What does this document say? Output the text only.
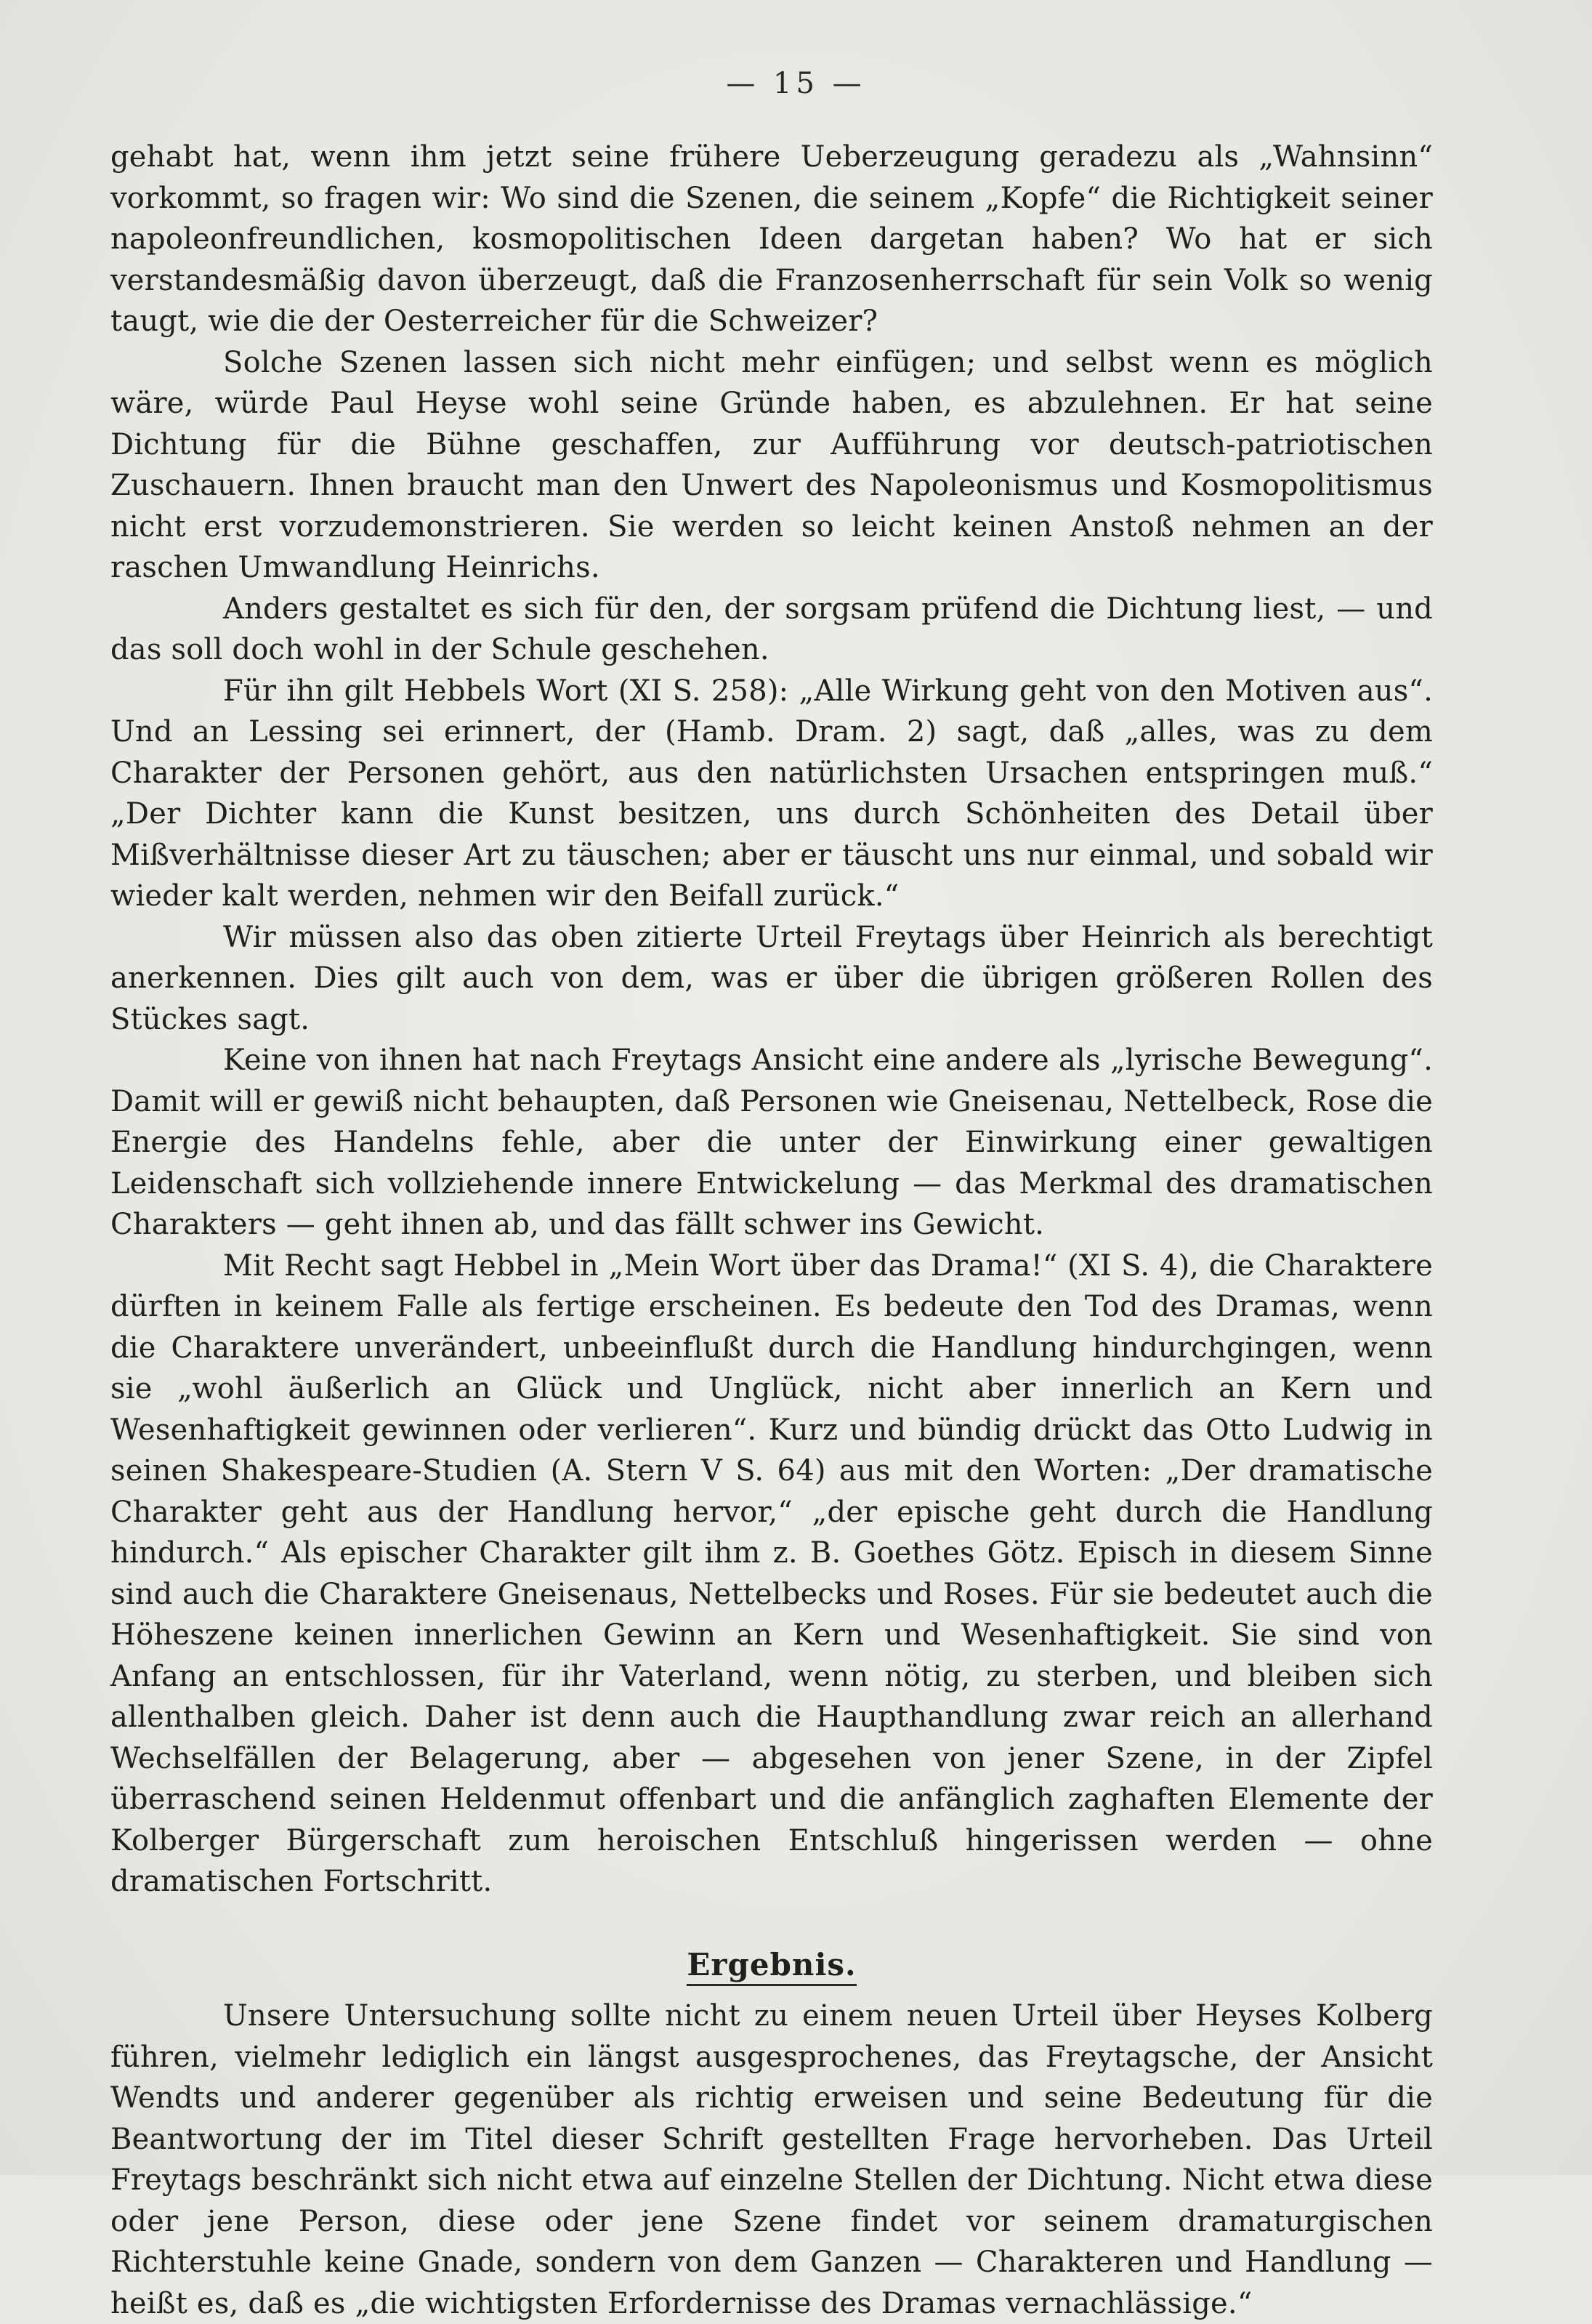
— 15 —

gehabt hat, wenn ihm jetzt seine frühere Ueberzeugung geradezu als „Wahnsinn“ vorkommt, so fragen wir: Wo sind die Szenen, die seinem „Kopfe“ die Richtigkeit seiner napoleonfreundlichen, kosmopolitischen Ideen dargetan haben? Wo hat er sich verstandesmäßig davon überzeugt, daß die Franzosenherrschaft für sein Volk so wenig taugt, wie die der Oesterreicher für die Schweizer?

Solche Szenen lassen sich nicht mehr einfügen; und selbst wenn es möglich wäre, würde Paul Heyse wohl seine Gründe haben, es abzulehnen. Er hat seine Dichtung für die Bühne geschaffen, zur Aufführung vor deutsch-patriotischen Zuschauern. Ihnen braucht man den Unwert des Napoleonismus und Kosmopolitismus nicht erst vorzudemonstrieren. Sie werden so leicht keinen Anstoß nehmen an der raschen Umwandlung Heinrichs.

Anders gestaltet es sich für den, der sorgsam prüfend die Dichtung liest, — und das soll doch wohl in der Schule geschehen.

Für ihn gilt Hebbels Wort (XI S. 258): „Alle Wirkung geht von den Motiven aus“. Und an Lessing sei erinnert, der (Hamb. Dram. 2) sagt, daß „alles, was zu dem Charakter der Personen gehört, aus den natürlichsten Ursachen entspringen muß.“ „Der Dichter kann die Kunst besitzen, uns durch Schönheiten des Detail über Mißverhältnisse dieser Art zu täuschen; aber er täuscht uns nur einmal, und sobald wir wieder kalt werden, nehmen wir den Beifall zurück.“

Wir müssen also das oben zitierte Urteil Freytags über Heinrich als berechtigt anerkennen. Dies gilt auch von dem, was er über die übrigen größeren Rollen des Stückes sagt.

Keine von ihnen hat nach Freytags Ansicht eine andere als „lyrische Bewegung“. Damit will er gewiß nicht behaupten, daß Personen wie Gneisenau, Nettelbeck, Rose die Energie des Handelns fehle, aber die unter der Einwirkung einer gewaltigen Leidenschaft sich vollziehende innere Entwickelung — das Merkmal des dramatischen Charakters — geht ihnen ab, und das fällt schwer ins Gewicht.

Mit Recht sagt Hebbel in „Mein Wort über das Drama!“ (XI S. 4), die Charaktere dürften in keinem Falle als fertige erscheinen. Es bedeute den Tod des Dramas, wenn die Charaktere unverändert, unbeeinflußt durch die Handlung hindurchgingen, wenn sie „wohl äußerlich an Glück und Unglück, nicht aber innerlich an Kern und Wesenhaftigkeit gewinnen oder verlieren“. Kurz und bündig drückt das Otto Ludwig in seinen Shakespeare-Studien (A. Stern V S. 64) aus mit den Worten: „Der dramatische Charakter geht aus der Handlung hervor,“ „der epische geht durch die Handlung hindurch.“ Als epischer Charakter gilt ihm z. B. Goethes Götz. Episch in diesem Sinne sind auch die Charaktere Gneisenaus, Nettelbecks und Roses. Für sie bedeutet auch die Höheszene keinen innerlichen Gewinn an Kern und Wesenhaftigkeit. Sie sind von Anfang an entschlossen, für ihr Vaterland, wenn nötig, zu sterben, und bleiben sich allenthalben gleich. Daher ist denn auch die Haupthandlung zwar reich an allerhand Wechselfällen der Belagerung, aber — abgesehen von jener Szene, in der Zipfel überraschend seinen Heldenmut offenbart und die anfänglich zaghaften Elemente der Kolberger Bürgerschaft zum heroischen Entschluß hingerissen werden — ohne dramatischen Fortschritt.

Ergebnis.

Unsere Untersuchung sollte nicht zu einem neuen Urteil über Heyses Kolberg führen, vielmehr lediglich ein längst ausgesprochenes, das Freytagsche, der Ansicht Wendts und anderer gegenüber als richtig erweisen und seine Bedeutung für die Beantwortung der im Titel dieser Schrift gestellten Frage hervorheben. Das Urteil Freytags beschränkt sich nicht etwa auf einzelne Stellen der Dichtung. Nicht etwa diese oder jene Person, diese oder jene Szene findet vor seinem dramaturgischen Richterstuhle keine Gnade, sondern von dem Ganzen — Charakteren und Handlung — heißt es, daß es „die wichtigsten Erfordernisse des Dramas vernachlässige.“
